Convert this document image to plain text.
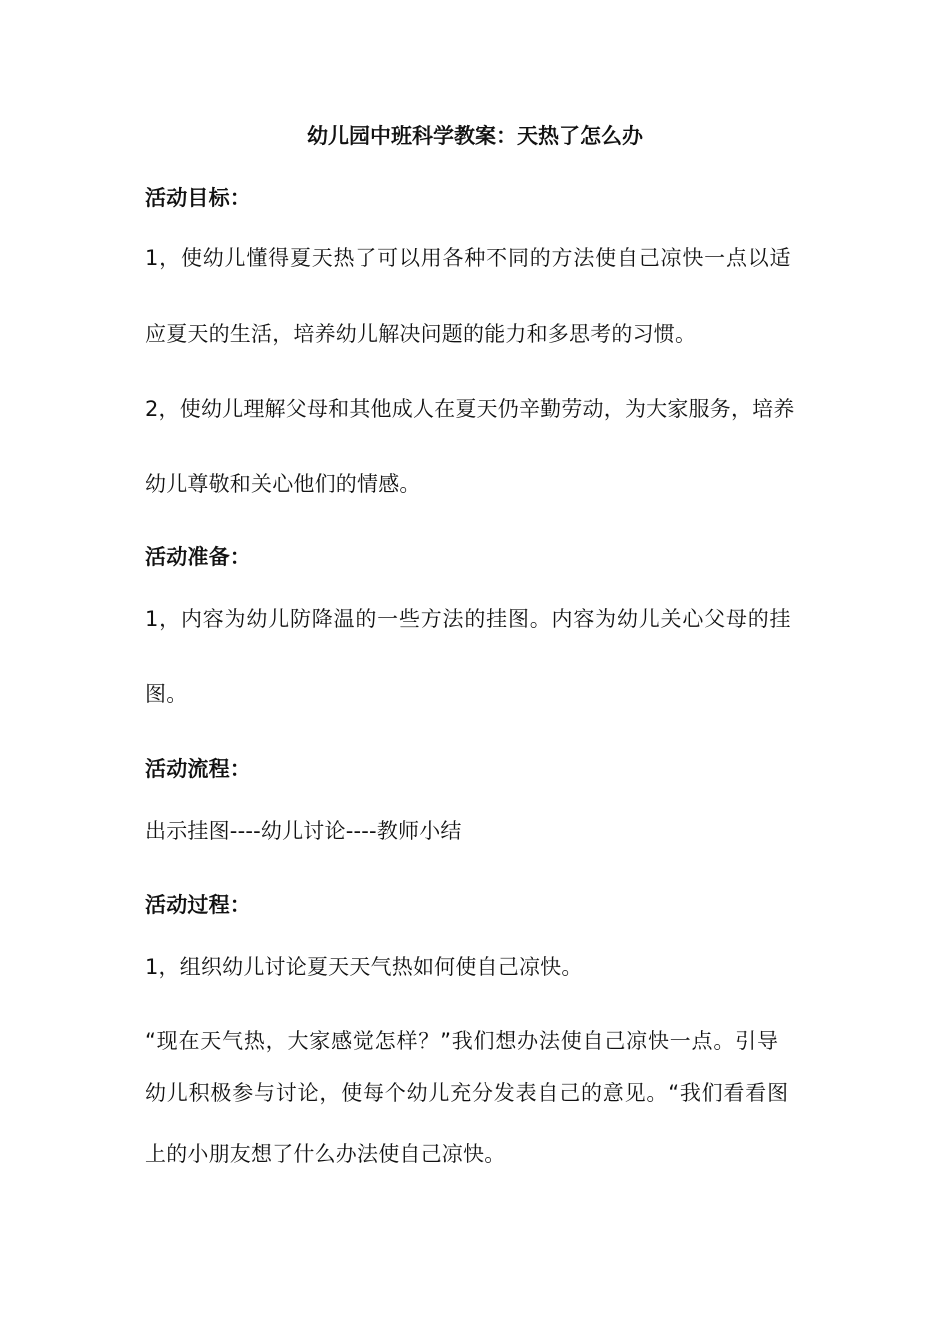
幼儿园中班科学教案：天热了怎么办
活动目标：
1，使幼儿懂得夏天热了可以用各种不同的方法使自己凉快一点以适
应夏天的生活，培养幼儿解决问题的能力和多思考的习惯。
2，使幼儿理解父母和其他成人在夏天仍辛勤劳动，为大家服务，培养
幼儿尊敬和关心他们的情感。
活动准备：
1，内容为幼儿防降温的一些方法的挂图。内容为幼儿关心父母的挂
图。
活动流程：
出示挂图----幼儿讨论----教师小结
活动过程：
1，组织幼儿讨论夏天天气热如何使自己凉快。
“现在天气热，大家感觉怎样？”我们想办法使自己凉快一点。引导
幼儿积极参与讨论，使每个幼儿充分发表自己的意见。“我们看看图
上的小朋友想了什么办法使自己凉快。
